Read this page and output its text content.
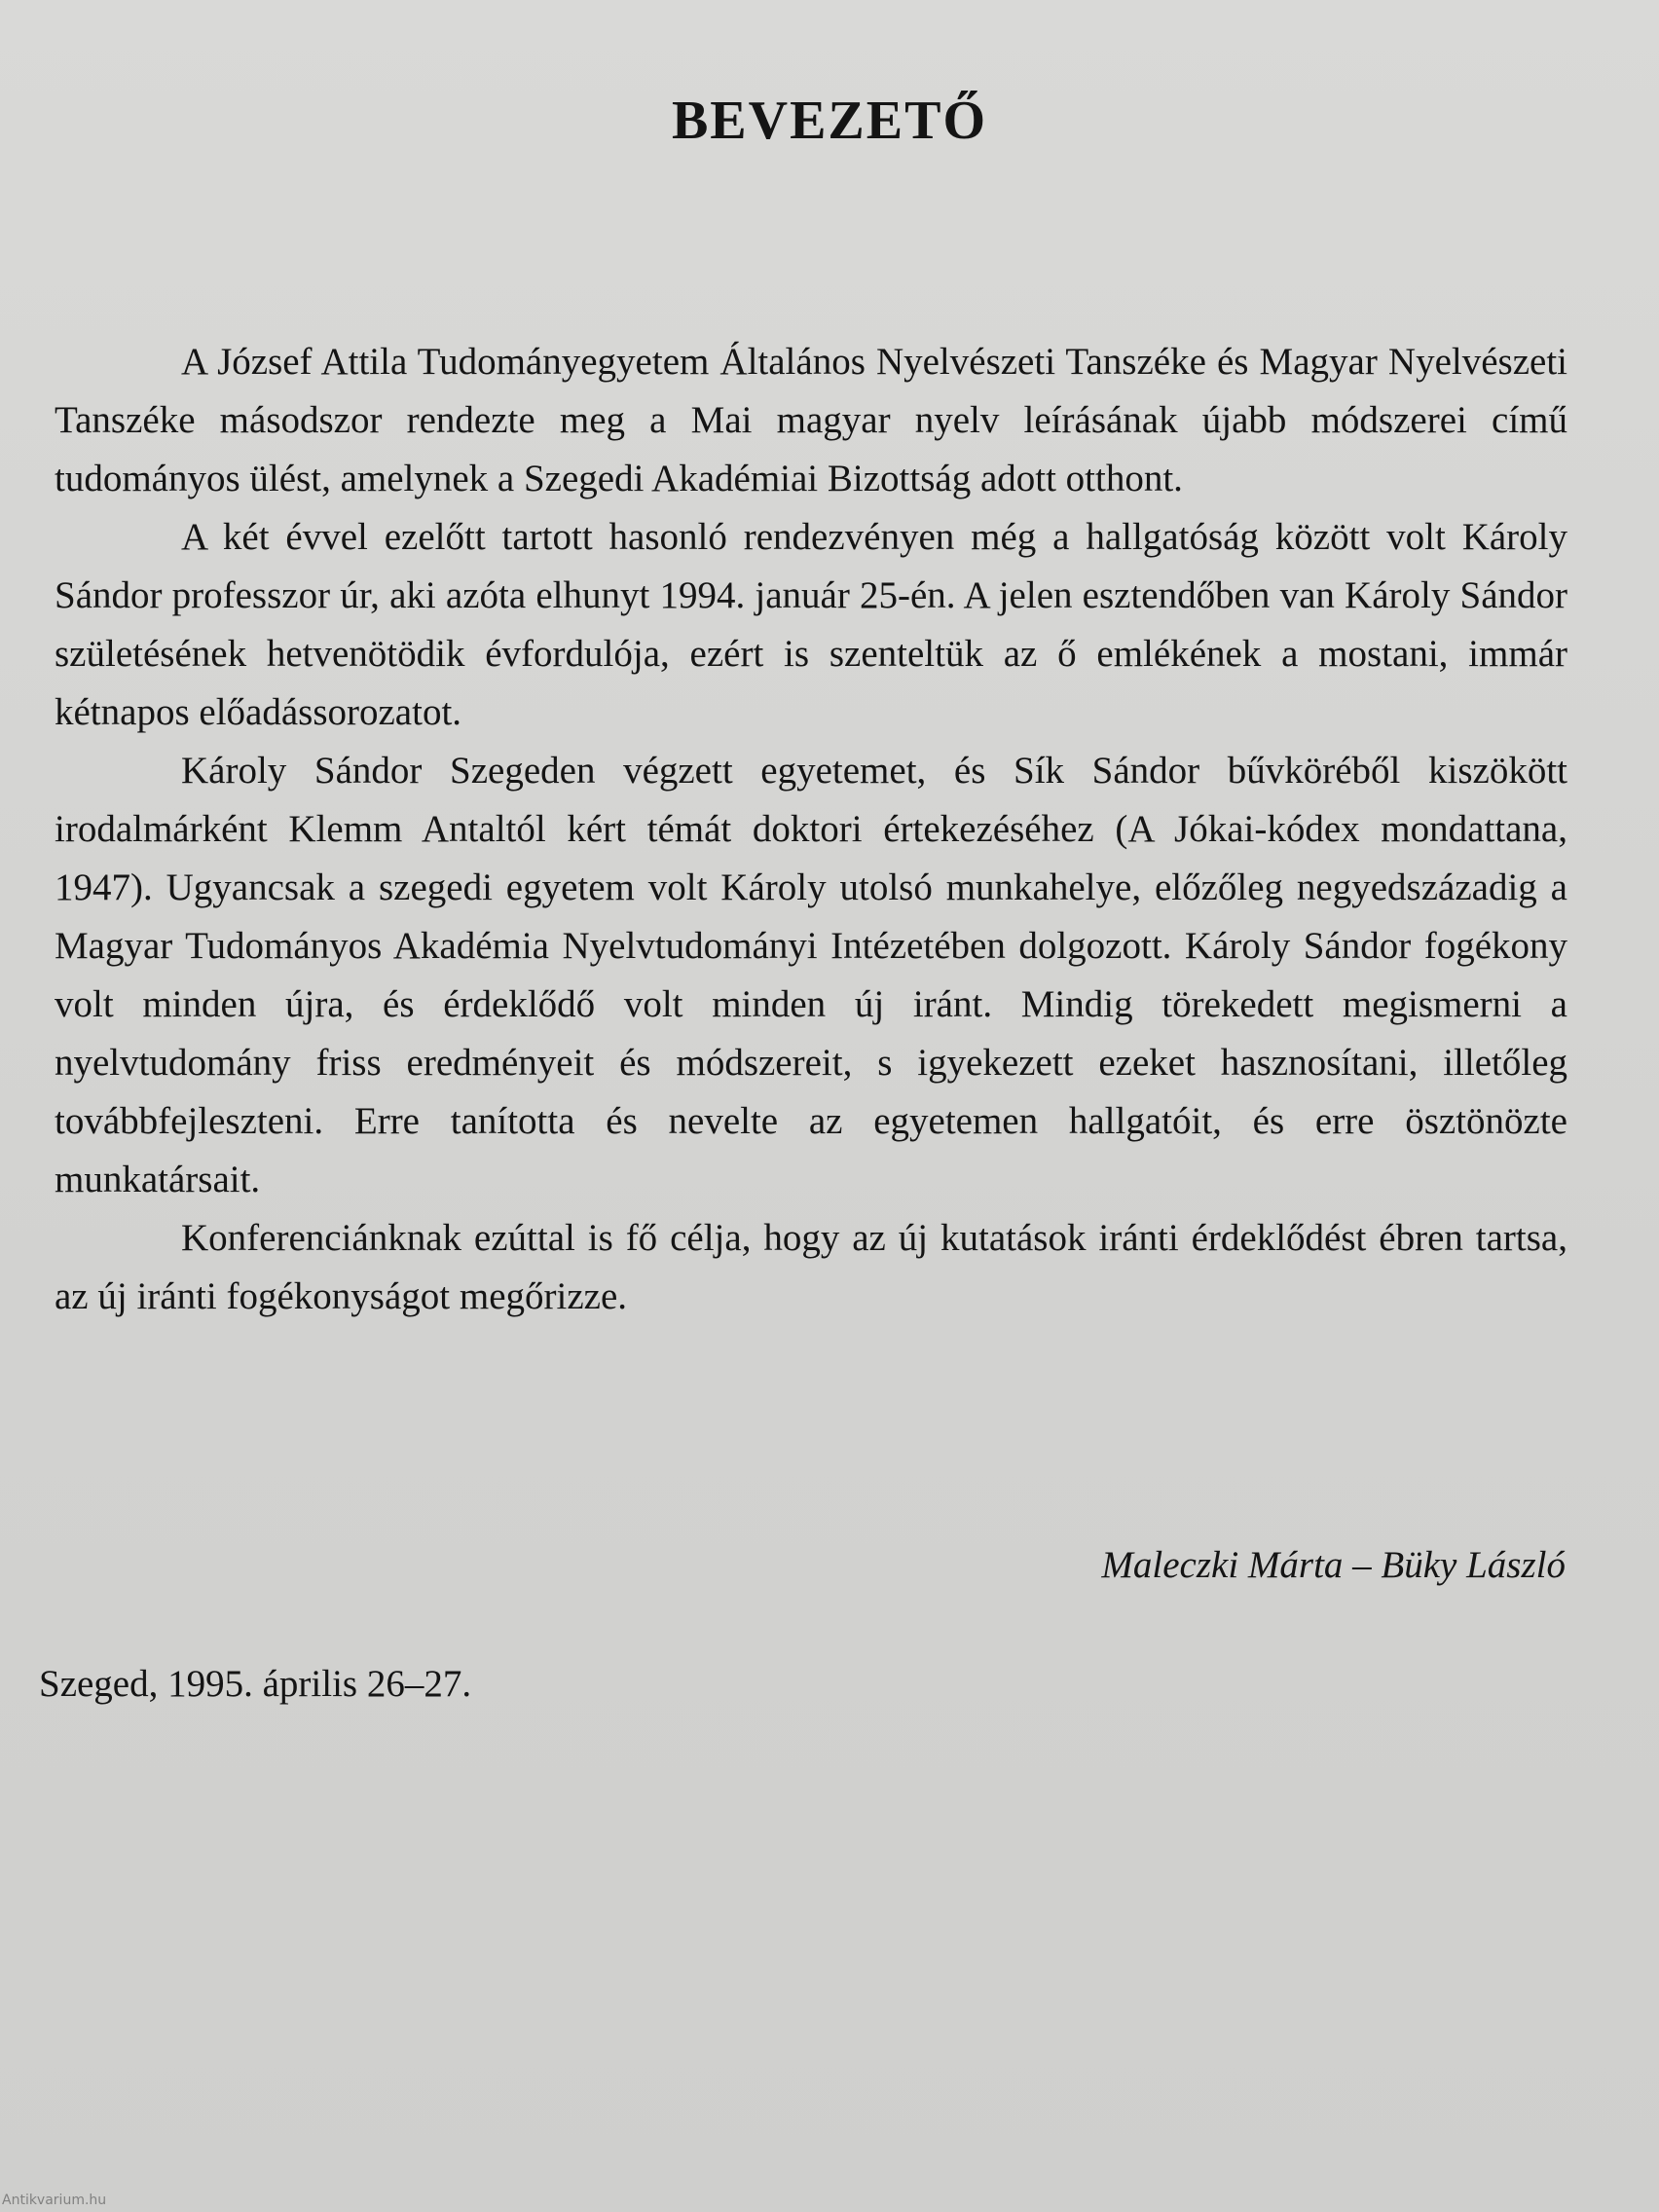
BEVEZETŐ

A József Attila Tudományegyetem Általános Nyelvészeti Tanszéke és Magyar Nyelvészeti Tanszéke másodszor rendezte meg a Mai magyar nyelv leírásának újabb módszerei című tudományos ülést, amelynek a Szegedi Akadémiai Bizottság adott otthont.

A két évvel ezelőtt tartott hasonló rendezvényen még a hallgatóság között volt Károly Sándor professzor úr, aki azóta elhunyt 1994. január 25-én. A jelen esztendőben van Károly Sándor születésének hetvenötödik évfordulója, ezért is szenteltük az ő emlékének a mostani, immár kétnapos előadássorozatot.

Károly Sándor Szegeden végzett egyetemet, és Sík Sándor bűvköréből kiszökött irodalmárként Klemm Antaltól kért témát doktori értekezéséhez (A Jókai-kódex mondattana, 1947). Ugyancsak a szegedi egyetem volt Károly utolsó munkahelye, előzőleg negyedszázadig a Magyar Tudományos Akadémia Nyelvtudományi Intézetében dolgozott. Károly Sándor fogékony volt minden újra, és érdeklődő volt minden új iránt. Mindig törekedett megismerni a nyelvtudomány friss eredményeit és módszereit, s igyekezett ezeket hasznosítani, illetőleg továbbfejleszteni. Erre tanította és nevelte az egyetemen hallgatóit, és erre ösztönözte munkatársait.

Konferenciánknak ezúttal is fő célja, hogy az új kutatások iránti érdeklődést ébren tartsa, az új iránti fogékonyságot megőrizze.

Maleczki Márta – Büky László
Szeged, 1995. április 26–27.
Antikvarium.hu
